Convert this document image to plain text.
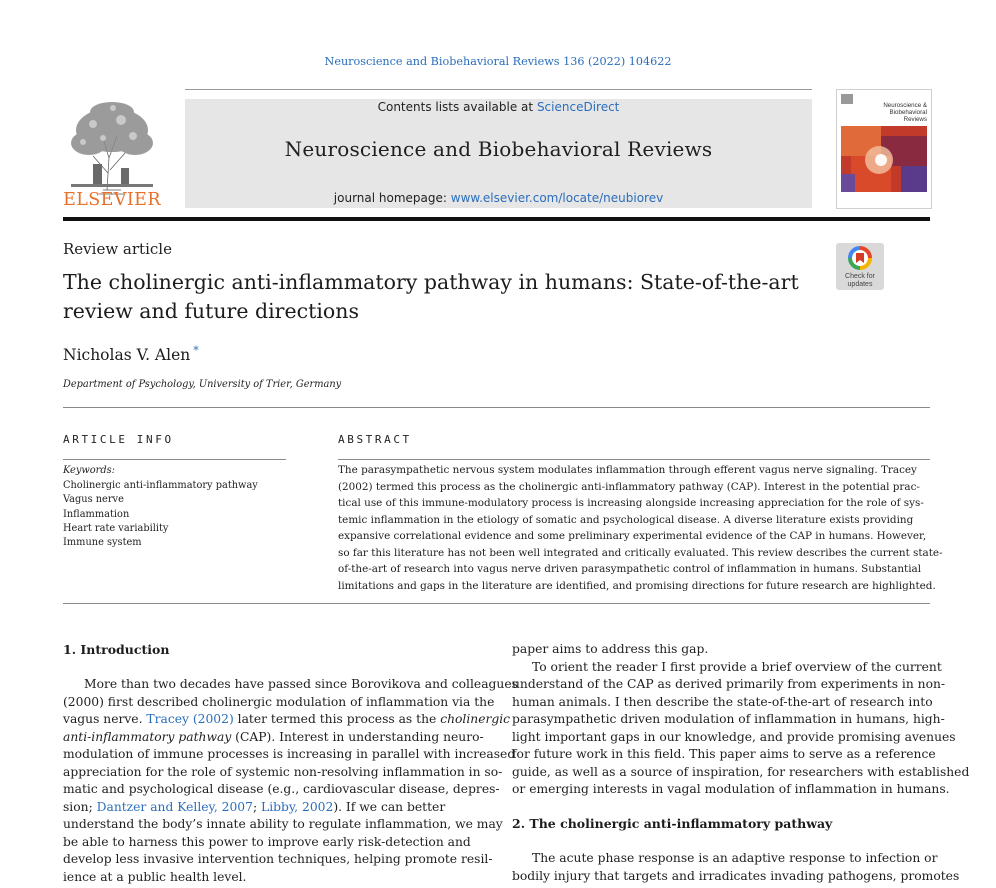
Neuroscience and Biobehavioral Reviews 136 (2022) 104622
ELSEVIER
Contents lists available at ScienceDirect
Neuroscience and Biobehavioral Reviews
journal homepage: www.elsevier.com/locate/neubiorev
Neuroscience & Biobehavioral Reviews
Review article
The cholinergic anti-inflammatory pathway in humans: State-of-the-art
review and future directions
Check for updates
Nicholas V. Alen *
Department of Psychology, University of Trier, Germany
ARTICLE INFO
Keywords:
Cholinergic anti-inflammatory pathway
Vagus nerve
Inflammation
Heart rate variability
Immune system
ABSTRACT
The parasympathetic nervous system modulates inflammation through efferent vagus nerve signaling. Tracey
(2002) termed this process as the cholinergic anti-inflammatory pathway (CAP). Interest in the potential prac-
tical use of this immune-modulatory process is increasing alongside increasing appreciation for the role of sys-
temic inflammation in the etiology of somatic and psychological disease. A diverse literature exists providing
expansive correlational evidence and some preliminary experimental evidence of the CAP in humans. However,
so far this literature has not been well integrated and critically evaluated. This review describes the current state-
of-the-art of research into vagus nerve driven parasympathetic control of inflammation in humans. Substantial
limitations and gaps in the literature are identified, and promising directions for future research are highlighted.
1. Introduction
More than two decades have passed since Borovikova and colleagues
(2000) first described cholinergic modulation of inflammation via the
vagus nerve. Tracey (2002) later termed this process as the cholinergic
anti-inflammatory pathway (CAP). Interest in understanding neuro-
modulation of immune processes is increasing in parallel with increased
appreciation for the role of systemic non-resolving inflammation in so-
matic and psychological disease (e.g., cardiovascular disease, depres-
sion; Dantzer and Kelley, 2007; Libby, 2002). If we can better
understand the body’s innate ability to regulate inflammation, we may
be able to harness this power to improve early risk-detection and
develop less invasive intervention techniques, helping promote resil-
ience at a public health level.
paper aims to address this gap.
To orient the reader I first provide a brief overview of the current
understand of the CAP as derived primarily from experiments in non-
human animals. I then describe the state-of-the-art of research into
parasympathetic driven modulation of inflammation in humans, high-
light important gaps in our knowledge, and provide promising avenues
for future work in this field. This paper aims to serve as a reference
guide, as well as a source of inspiration, for researchers with established
or emerging interests in vagal modulation of inflammation in humans.
2. The cholinergic anti-inflammatory pathway
The acute phase response is an adaptive response to infection or
bodily injury that targets and irradicates invading pathogens, promotes
